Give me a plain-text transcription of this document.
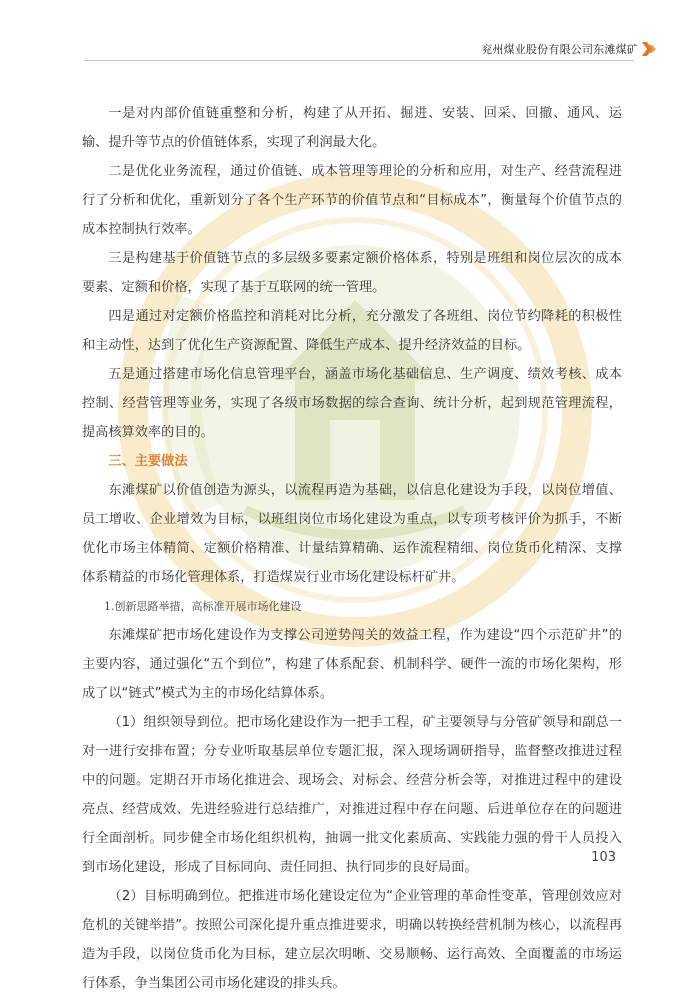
兖州煤业股份有限公司东滩煤矿

一是对内部价值链重整和分析，构建了从开拓、掘进、安装、回采、回撤、通风、运输、提升等节点的价值链体系，实现了利润最大化。

二是优化业务流程，通过价值链、成本管理等理论的分析和应用，对生产、经营流程进行了分析和优化，重新划分了各个生产环节的价值节点和“目标成本”，衡量每个价值节点的成本控制执行效率。

三是构建基于价值链节点的多层级多要素定额价格体系，特别是班组和岗位层次的成本要素、定额和价格，实现了基于互联网的统一管理。

四是通过对定额价格监控和消耗对比分析，充分激发了各班组、岗位节约降耗的积极性和主动性，达到了优化生产资源配置、降低生产成本、提升经济效益的目标。

五是通过搭建市场化信息管理平台，涵盖市场化基础信息、生产调度、绩效考核、成本控制、经营管理等业务，实现了各级市场数据的综合查询、统计分析，起到规范管理流程，提高核算效率的目的。

三、主要做法

东滩煤矿以价值创造为源头，以流程再造为基础，以信息化建设为手段，以岗位增值、员工增收、企业增效为目标，以班组岗位市场化建设为重点，以专项考核评价为抓手，不断优化市场主体精简、定额价格精准、计量结算精确、运作流程精细、岗位货币化精深、支撑体系精益的市场化管理体系，打造煤炭行业市场化建设标杆矿井。

1.创新思路举措，高标准开展市场化建设

东滩煤矿把市场化建设作为支撑公司逆势闯关的效益工程，作为建设“四个示范矿井”的主要内容，通过强化“五个到位”，构建了体系配套、机制科学、硬件一流的市场化架构，形成了以“链式”模式为主的市场化结算体系。

（1）组织领导到位。把市场化建设作为一把手工程，矿主要领导与分管矿领导和副总一对一进行安排布置；分专业听取基层单位专题汇报，深入现场调研指导，监督整改推进过程中的问题。定期召开市场化推进会、现场会、对标会、经营分析会等，对推进过程中的建设亮点、经营成效、先进经验进行总结推广，对推进过程中存在问题、后进单位存在的问题进行全面剖析。同步健全市场化组织机构，抽调一批文化素质高、实践能力强的骨干人员投入到市场化建设，形成了目标同向、责任同担、执行同步的良好局面。

（2）目标明确到位。把推进市场化建设定位为“企业管理的革命性变革，管理创效应对危机的关键举措”。按照公司深化提升重点推进要求，明确以转换经营机制为核心，以流程再造为手段，以岗位货币化为目标，建立层次明晰、交易顺畅、运行高效、全面覆盖的市场运行体系，争当集团公司市场化建设的排头兵。

103
